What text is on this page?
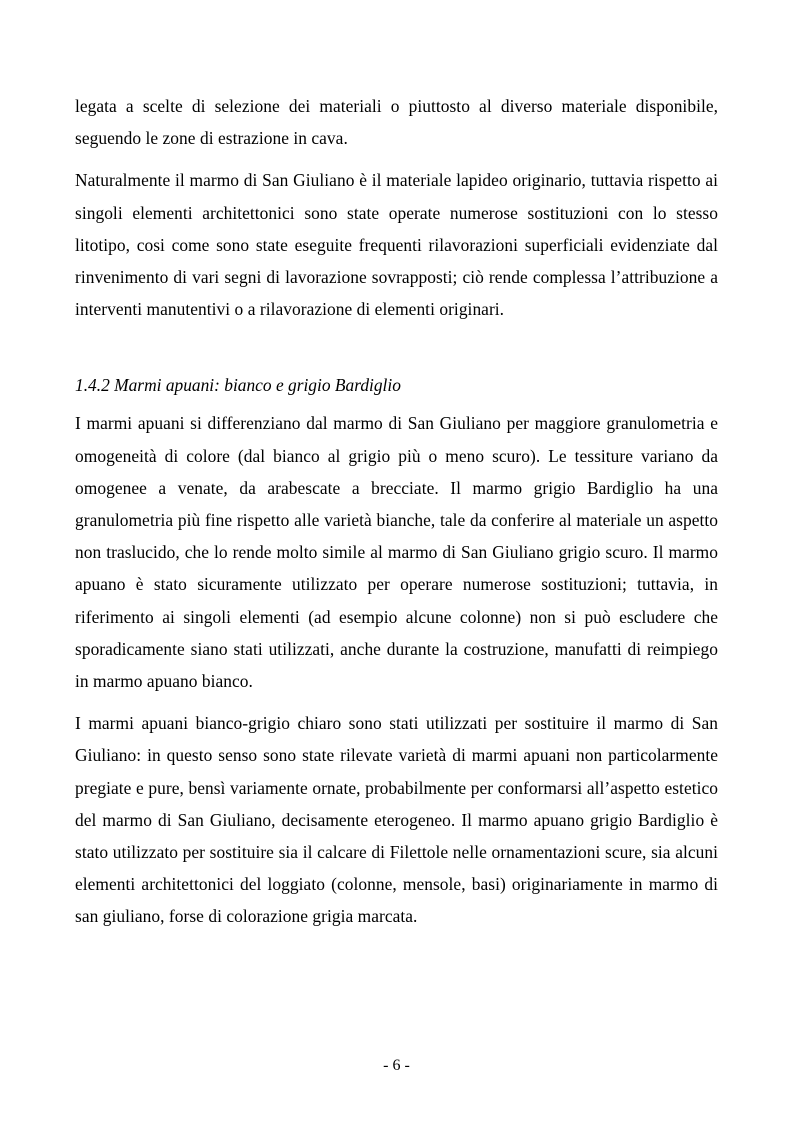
legata a scelte di selezione dei materiali o piuttosto al diverso materiale disponibile, seguendo le zone di estrazione in cava.

Naturalmente il marmo di San Giuliano è il materiale lapideo originario, tuttavia rispetto ai singoli elementi architettonici sono state operate numerose sostituzioni con lo stesso litotipo, cosi come sono state eseguite frequenti rilavorazioni superficiali evidenziate dal rinvenimento di vari segni di lavorazione sovrapposti; ciò rende complessa l’attribuzione a interventi manutentivi o a rilavorazione di elementi originari.

1.4.2 Marmi apuani: bianco e grigio Bardiglio

I marmi apuani si differenziano dal marmo di San Giuliano per maggiore granulometria e omogeneità di colore (dal bianco al grigio più o meno scuro). Le tessiture variano da omogenee a venate, da arabescate a brecciate. Il marmo grigio Bardiglio ha una granulometria più fine rispetto alle varietà bianche, tale da conferire al materiale un aspetto non traslucido, che lo rende molto simile al marmo di San Giuliano grigio scuro. Il marmo apuano è stato sicuramente utilizzato per operare numerose sostituzioni; tuttavia, in riferimento ai singoli elementi (ad esempio alcune colonne) non si può escludere che sporadicamente siano stati utilizzati, anche durante la costruzione, manufatti di reimpiego in marmo apuano bianco.

I marmi apuani bianco-grigio chiaro sono stati utilizzati per sostituire il marmo di San Giuliano: in questo senso sono state rilevate varietà di marmi apuani non particolarmente pregiate e pure, bensì variamente ornate, probabilmente per conformarsi all’aspetto estetico del marmo di San Giuliano, decisamente eterogeneo. Il marmo apuano grigio Bardiglio è stato utilizzato per sostituire sia il calcare di Filettole nelle ornamentazioni scure, sia alcuni elementi architettonici del loggiato (colonne, mensole, basi) originariamente in marmo di san giuliano, forse di colorazione grigia marcata.

- 6 -
